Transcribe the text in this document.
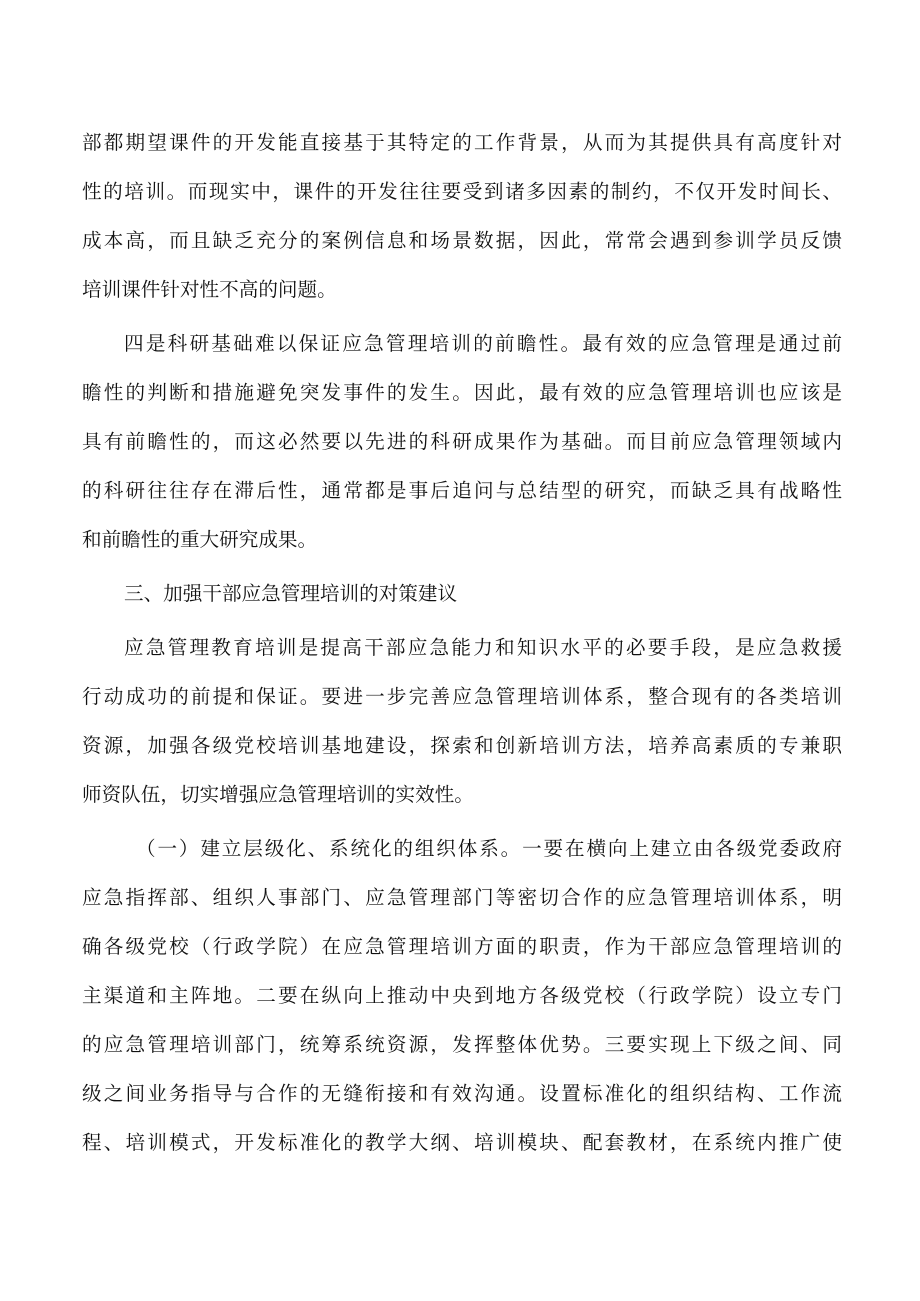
部都期望课件的开发能直接基于其特定的工作背景，从而为其提供具有高度针对
性的培训。而现实中，课件的开发往往要受到诸多因素的制约，不仅开发时间长、
成本高，而且缺乏充分的案例信息和场景数据，因此，常常会遇到参训学员反馈
培训课件针对性不高的问题。
四是科研基础难以保证应急管理培训的前瞻性。最有效的应急管理是通过前
瞻性的判断和措施避免突发事件的发生。因此，最有效的应急管理培训也应该是
具有前瞻性的，而这必然要以先进的科研成果作为基础。而目前应急管理领域内
的科研往往存在滞后性，通常都是事后追问与总结型的研究，而缺乏具有战略性
和前瞻性的重大研究成果。
三、加强干部应急管理培训的对策建议
应急管理教育培训是提高干部应急能力和知识水平的必要手段，是应急救援
行动成功的前提和保证。要进一步完善应急管理培训体系，整合现有的各类培训
资源，加强各级党校培训基地建设，探索和创新培训方法，培养高素质的专兼职
师资队伍，切实增强应急管理培训的实效性。
（一）建立层级化、系统化的组织体系。一要在横向上建立由各级党委政府
应急指挥部、组织人事部门、应急管理部门等密切合作的应急管理培训体系，明
确各级党校（行政学院）在应急管理培训方面的职责，作为干部应急管理培训的
主渠道和主阵地。二要在纵向上推动中央到地方各级党校（行政学院）设立专门
的应急管理培训部门，统筹系统资源，发挥整体优势。三要实现上下级之间、同
级之间业务指导与合作的无缝衔接和有效沟通。设置标准化的组织结构、工作流
程、培训模式，开发标准化的教学大纲、培训模块、配套教材，在系统内推广使
